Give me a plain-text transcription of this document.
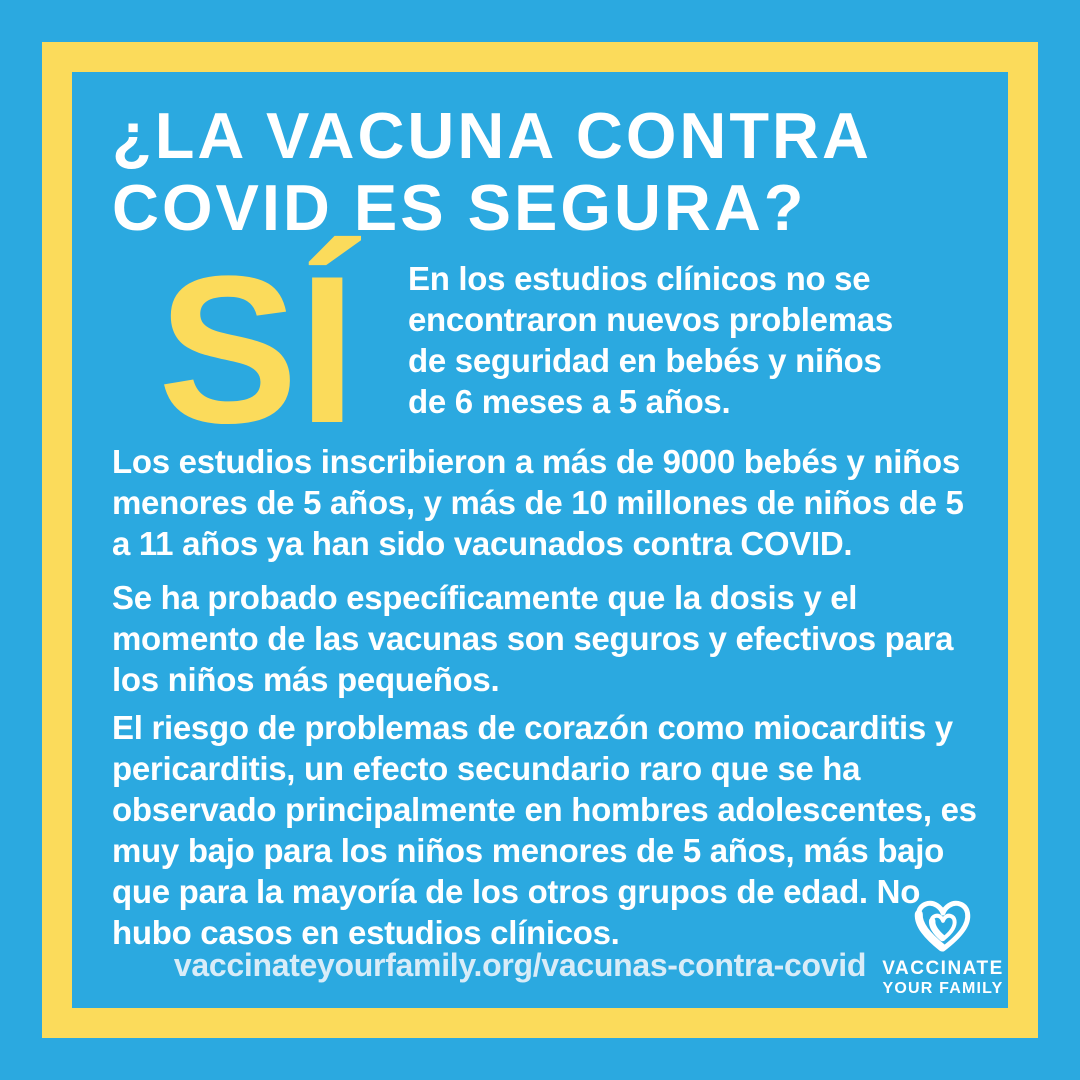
¿LA VACUNA CONTRA COVID ES SEGURA?
SÍ En los estudios clínicos no se encontraron nuevos problemas de seguridad en bebés y niños de 6 meses a 5 años.

Los estudios inscribieron a más de 9000 bebés y niños menores de 5 años, y más de 10 millones de niños de 5 a 11 años ya han sido vacunados contra COVID.

Se ha probado específicamente que la dosis y el momento de las vacunas son seguros y efectivos para los niños más pequeños.

El riesgo de problemas de corazón como miocarditis y pericarditis, un efecto secundario raro que se ha observado principalmente en hombres adolescentes, es muy bajo para los niños menores de 5 años, más bajo que para la mayoría de los otros grupos de edad. No hubo casos en estudios clínicos.

vaccinateyourfamily.org/vacunas-contra-covid VACCINATE
YOUR FAMILY
